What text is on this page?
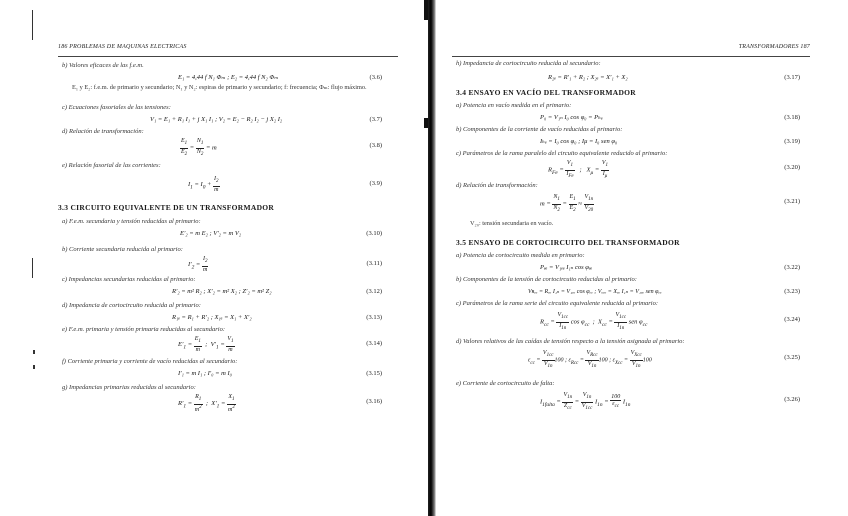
186 PROBLEMAS DE MAQUINAS ELECTRICAS
b) Valores eficaces de las f.e.m.
E₁ = 4,44 f N₁ Φₘ ; E₂ = 4,44 f N₂ Φₘ	(3.6)
E₁ y E₂: f.e.m. de primario y secundario; N₁ y N₂: espiras de primario y secundario; f: frecuencia; Φₘ: flujo máximo.
c) Ecuaciones fasoriales de las tensiones:
V₁ = E₁ + R₁ I₁ + j X₁ I₁ ; V₂ = E₂ − R₂ I₂ − j X₂ I₂	(3.7)
d) Relación de transformación:
$\frac{E_1}{E_2} = \frac{N_1}{N_2} = m$	(3.8)
e) Relación fasorial de las corrientes:
$I_1 = I_0 + \frac{I_2}{m}$	(3.9)
3.3 CIRCUITO EQUIVALENTE DE UN TRANSFORMADOR
a) F.e.m. secundaria y tensión reducidas al primario:
E′₂ = m E₂ ; V′₂ = m V₂	(3.10)
b) Corriente secundaria reducida al primario:
$I'_2 = \frac{I_2}{m}$	(3.11)
c) Impedancias secundarias reducidas al primario:
R′₂ = m² R₂ ; X′₂ = m² X₂ ; Z′₂ = m² Z₂	(3.12)
d) Impedancia de cortocircuito reducida al primario:
R₁ₑ = R₁ + R′₂ ; X₁ₑ = X₁ + X′₂	(3.13)
e) F.e.m. primaria y tensión primaria reducidas al secundario:
$E'_1 = \frac{E_1}{m}$ ;  $V'_1 = \frac{V_1}{m}$	(3.14)
f) Corriente primaria y corriente de vacío reducidas al secundario:
I′₁ = m I₁ ; I′₀ = m I₀	(3.15)
g) Impedancias primarias reducidas al secundario:
$R'_1 = \frac{R_1}{m^2}$ ;  $X'_1 = \frac{X_1}{m^2}$	(3.16)
TRANSFORMADORES 187
h) Impedancia de cortocircuito reducida al secundario:
R₂ₑ = R′₁ + R₂ ; X₂ₑ = X′₁ + X₂	(3.17)
3.4 ENSAYO EN VACÍO DEL TRANSFORMADOR
a) Potencia en vacío medida en el primario:
P₀ = V₁ₙ I₀ cos φ₀ = Pₕₑ	(3.18)
b) Componentes de la corriente de vacío reducidas al primario:
Iₕₑ = I₀ cos φ₀ ; Iμ = I₀ sen φ₀	(3.19)
c) Parámetros de la rama paralelo del circuito equivalente reducido al primario:
$R_{Fe} = \frac{V_1}{I_{Fe}}$ ;   $X_\mu = \frac{V_1}{I_\mu}$	(3.20)
d) Relación de transformación:
$m = \frac{N_1}{N_2} = \frac{E_1}{E_2} \approx \frac{V_{1n}}{V_{20}}$	(3.21)
V₂₀: tensión secundaria en vacío.
3.5 ENSAYO DE CORTOCIRCUITO DEL TRANSFORMADOR
a) Potencia de cortocircuito medida en primario:
Pₑₑ = V₁ₑₑ I₁ₙ cos φₑₑ	(3.22)
b) Componentes de la tensión de cortocircuito reducidas al primario:
Vʀₑₑ = Rₑₑ I₁ₙ = V₁ₑₑ cos φₑₑ ; Vₓₑₑ = Xₑₑ I₁ₙ = V₁ₑₑ sen φₑₑ	(3.23)
c) Parámetros de la rama serie del circuito equivalente reducida al primario:
$R_{cc} = \frac{V_{1cc}}{I_{1n}}$ $\cos \varphi_{cc}$  ;  $X_{cc} = \frac{V_{1cc}}{I_{1n}}$ sen $\varphi_{cc}$
(3.24)
d) Valores relativos de las caídas de tensión respecto a la tensión asignada al primario:
$\varepsilon_{cc} = \frac{V_{1cc}}{V_{1n}} 100$ ; $\varepsilon_{Rcc} = \frac{V_{Rcc}}{V_{1n}} 100$ ; $\varepsilon_{Xcc} = \frac{V_{Xcc}}{V_{1n}} 100$	(3.25)
e) Corriente de cortocircuito de falta:
$I_{1falta} = \frac{V_{1n}}{Z_{cc}} = \frac{V_{1n}}{V_{1cc}} I_{1n} = \frac{100}{\varepsilon_{cc}} I_{1n}$
(3.26)
